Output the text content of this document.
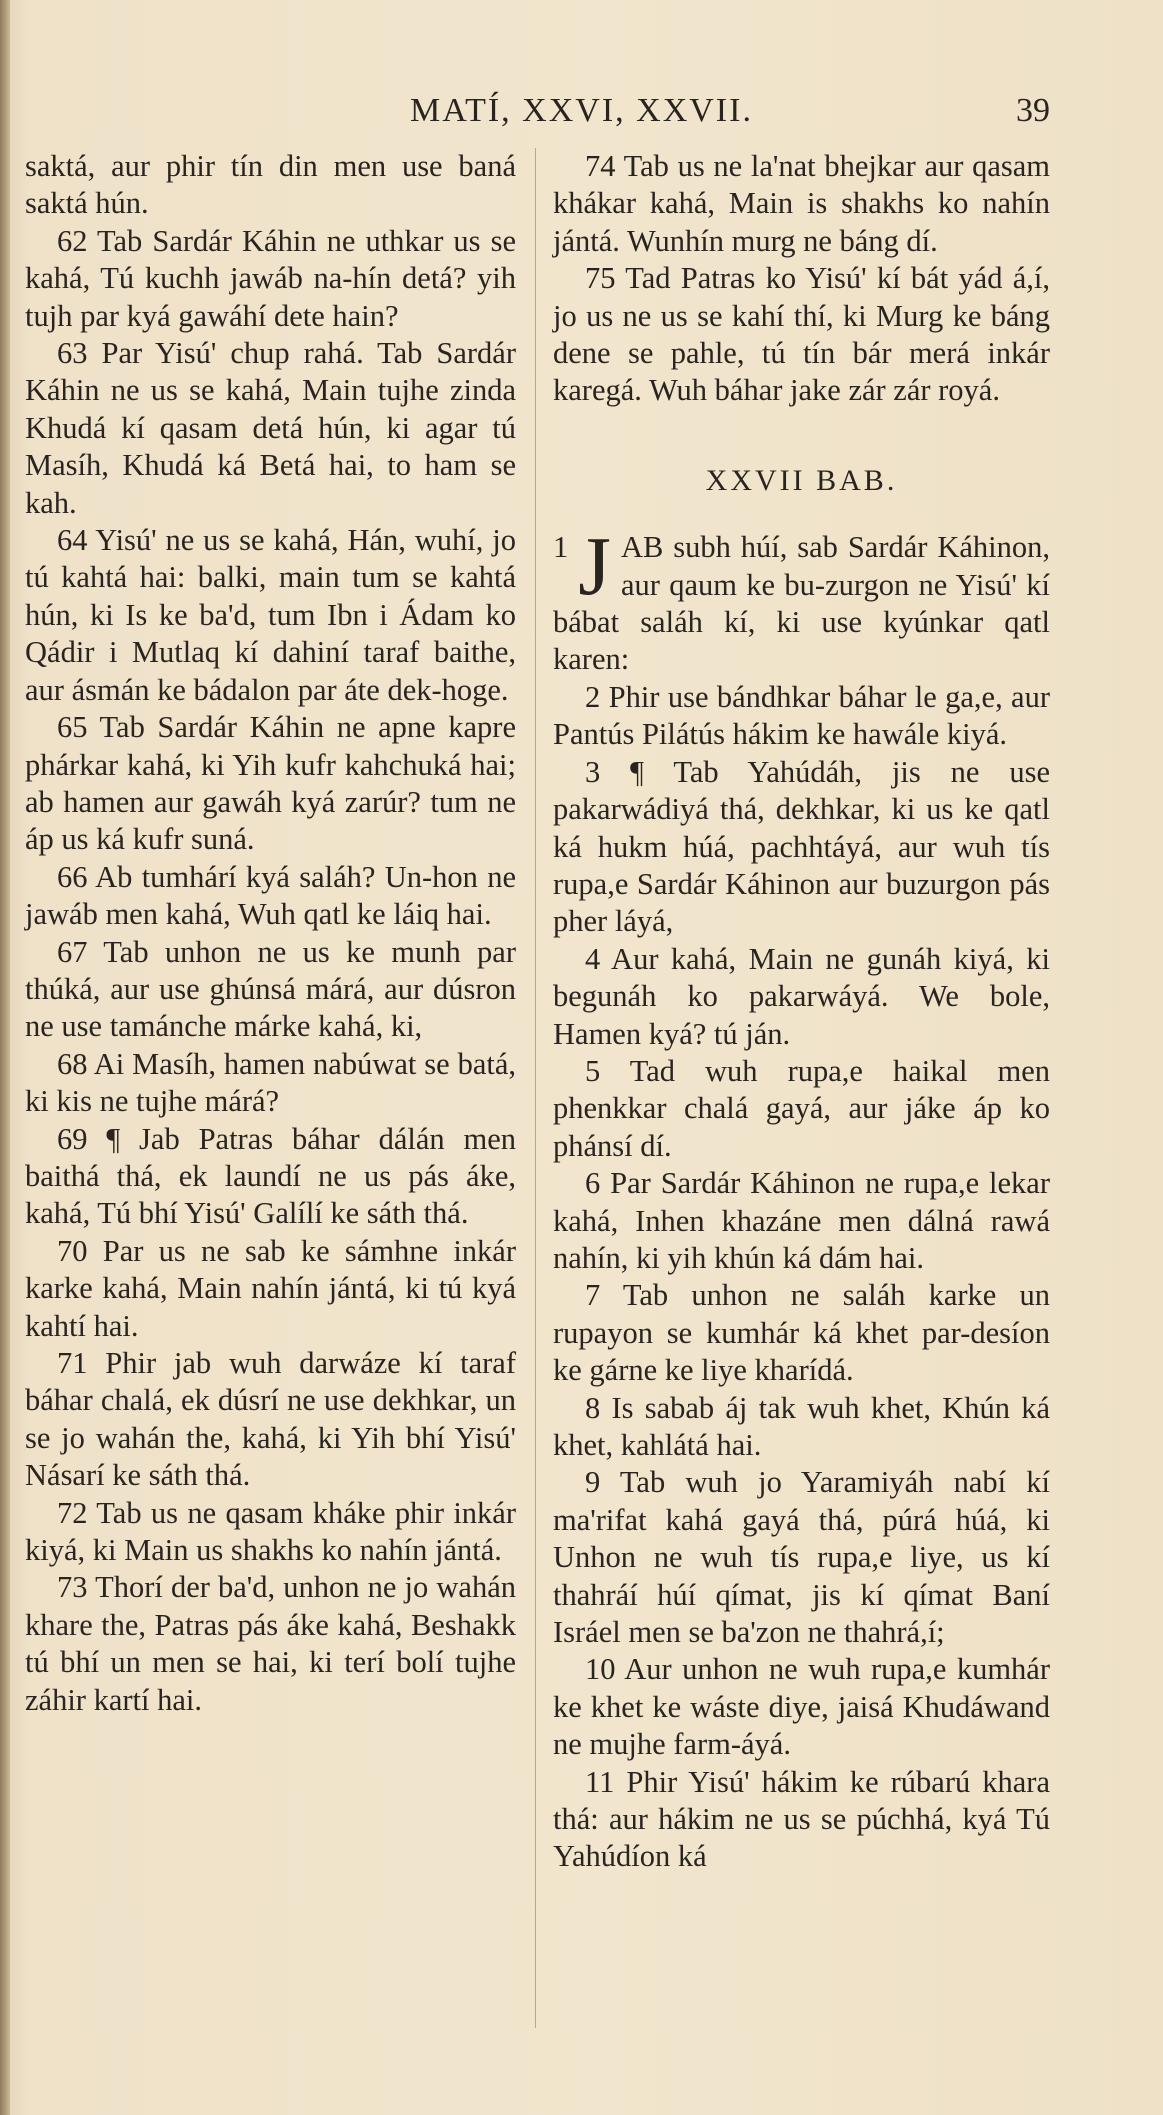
MATÍ, XXVI, XXVII.	39

saktá, aur phir tín din men use baná saktá hún.

62 Tab Sardár Káhin ne uthkar us se kahá, Tú kuchh jawáb na-hín detá? yih tujh par kyá gawáhí dete hain?

63 Par Yisú' chup rahá. Tab Sardár Káhin ne us se kahá, Main tujhe zinda Khudá kí qasam detá hún, ki agar tú Masíh, Khudá ká Betá hai, to ham se kah.

64 Yisú' ne us se kahá, Hán, wuhí, jo tú kahtá hai: balki, main tum se kahtá hún, ki Is ke ba'd, tum Ibn i Ádam ko Qádir i Mutlaq kí dahiní taraf baithe, aur ásmán ke bádalon par áte dek-hoge.

65 Tab Sardár Káhin ne apne kapre phárkar kahá, ki Yih kufr kahchuká hai; ab hamen aur gawáh kyá zarúr? tum ne áp us ká kufr suná.

66 Ab tumhárí kyá saláh? Un-hon ne jawáb men kahá, Wuh qatl ke láiq hai.

67 Tab unhon ne us ke munh par thúká, aur use ghúnsá márá, aur dúsron ne use tamánche márke kahá, ki,

68 Ai Masíh, hamen nabúwat se batá, ki kis ne tujhe márá?

69 ¶ Jab Patras báhar dálán men baithá thá, ek laundí ne us pás áke, kahá, Tú bhí Yisú' Galílí ke sáth thá.

70 Par us ne sab ke sámhne inkár karke kahá, Main nahín jántá, ki tú kyá kahtí hai.

71 Phir jab wuh darwáze kí taraf báhar chalá, ek dúsrí ne use dekhkar, un se jo wahán the, kahá, ki Yih bhí Yisú' Násarí ke sáth thá.

72 Tab us ne qasam kháke phir inkár kiyá, ki Main us shakhs ko nahín jántá.

73 Thorí der ba'd, unhon ne jo wahán khare the, Patras pás áke kahá, Beshakk tú bhí un men se hai, ki terí bolí tujhe záhir kartí hai.

74 Tab us ne la'nat bhejkar aur qasam khákar kahá, Main is shakhs ko nahín jántá. Wunhín murg ne báng dí.

75 Tad Patras ko Yisú' kí bát yád á,í, jo us ne us se kahí thí, ki Murg ke báng dene se pahle, tú tín bár merá inkár karegá. Wuh báhar jake zár zár royá.

XXVII BAB.

1 J AB subh húí, sab Sardár Káhinon, aur qaum ke bu-zurgon ne Yisú' kí bábat saláh kí, ki use kyúnkar qatl karen:

2 Phir use bándhkar báhar le ga,e, aur Pantús Pilátús hákim ke hawále kiyá.

3 ¶ Tab Yahúdáh, jis ne use pakarwádiyá thá, dekhkar, ki us ke qatl ká hukm húá, pachhtáyá, aur wuh tís rupa,e Sardár Káhinon aur buzurgon pás pher láyá,

4 Aur kahá, Main ne gunáh kiyá, ki begunáh ko pakarwáyá. We bole, Hamen kyá? tú ján.

5 Tad wuh rupa,e haikal men phenkkar chalá gayá, aur jáke áp ko phánsí dí.

6 Par Sardár Káhinon ne rupa,e lekar kahá, Inhen khazáne men dálná rawá nahín, ki yih khún ká dám hai.

7 Tab unhon ne saláh karke un rupayon se kumhár ká khet par-desíon ke gárne ke liye kharídá.

8 Is sabab áj tak wuh khet, Khún ká khet, kahlátá hai.

9 Tab wuh jo Yaramiyáh nabí kí ma'rifat kahá gayá thá, púrá húá, ki Unhon ne wuh tís rupa,e liye, us kí thahráí húí qímat, jis kí qímat Baní Isráel men se ba'zon ne thahrá,í;

10 Aur unhon ne wuh rupa,e kumhár ke khet ke wáste diye, jaisá Khudáwand ne mujhe farm-áyá.

11 Phir Yisú' hákim ke rúbarú khara thá: aur hákim ne us se púchhá, kyá Tú Yahúdíon ká
